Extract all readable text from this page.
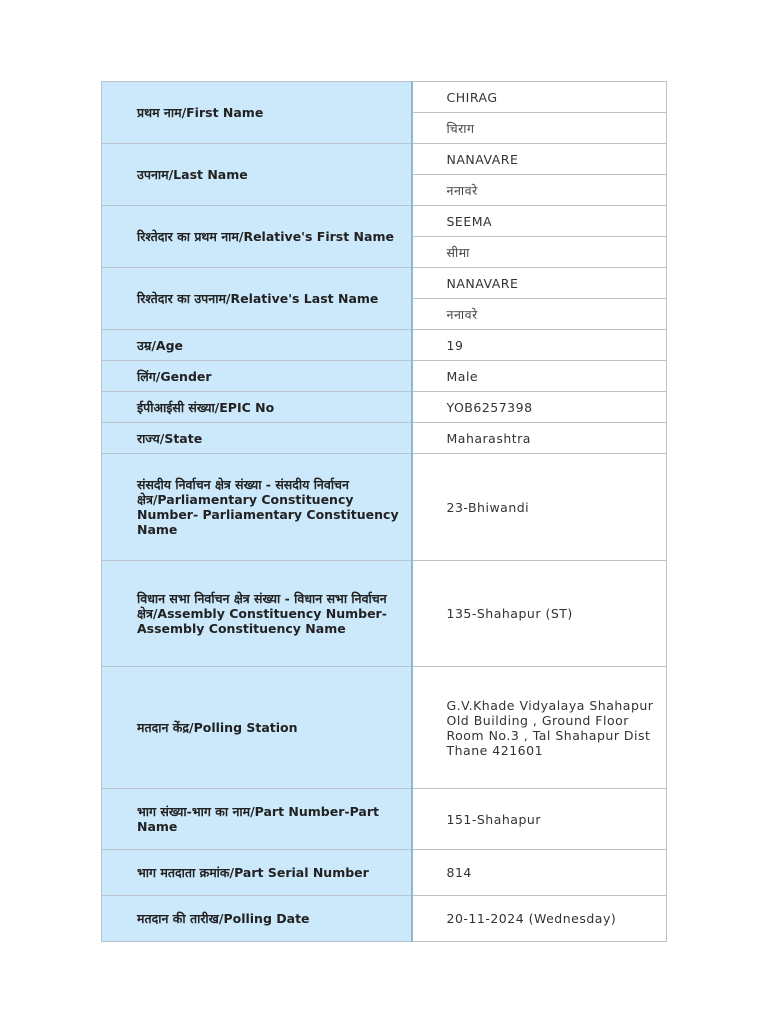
प्रथम नाम/First Name	CHIRAG
	चिराग
उपनाम/Last Name	NANAVARE
	ननावरे
रिश्तेदार का प्रथम नाम/Relative's First Name	SEEMA
	सीमा
रिश्तेदार का उपनाम/Relative's Last Name	NANAVARE
	ननावरे
उम्र/Age	19
लिंग/Gender	Male
ईपीआईसी संख्या/EPIC No	YOB6257398
राज्य/State	Maharashtra
संसदीय निर्वाचन क्षेत्र संख्या - संसदीय निर्वाचन क्षेत्र/Parliamentary Constituency Number- Parliamentary Constituency Name	23-Bhiwandi
विधान सभा निर्वाचन क्षेत्र संख्या - विधान सभा निर्वाचन क्षेत्र/Assembly Constituency Number- Assembly Constituency Name	135-Shahapur (ST)
मतदान केंद्र/Polling Station	G.V.Khade Vidyalaya Shahapur Old Building , Ground Floor Room No.3 , Tal Shahapur Dist Thane 421601
भाग संख्या-भाग का नाम/Part Number-Part Name	151-Shahapur
भाग मतदाता क्रमांक/Part Serial Number	814
मतदान की तारीख/Polling Date	20-11-2024 (Wednesday)
